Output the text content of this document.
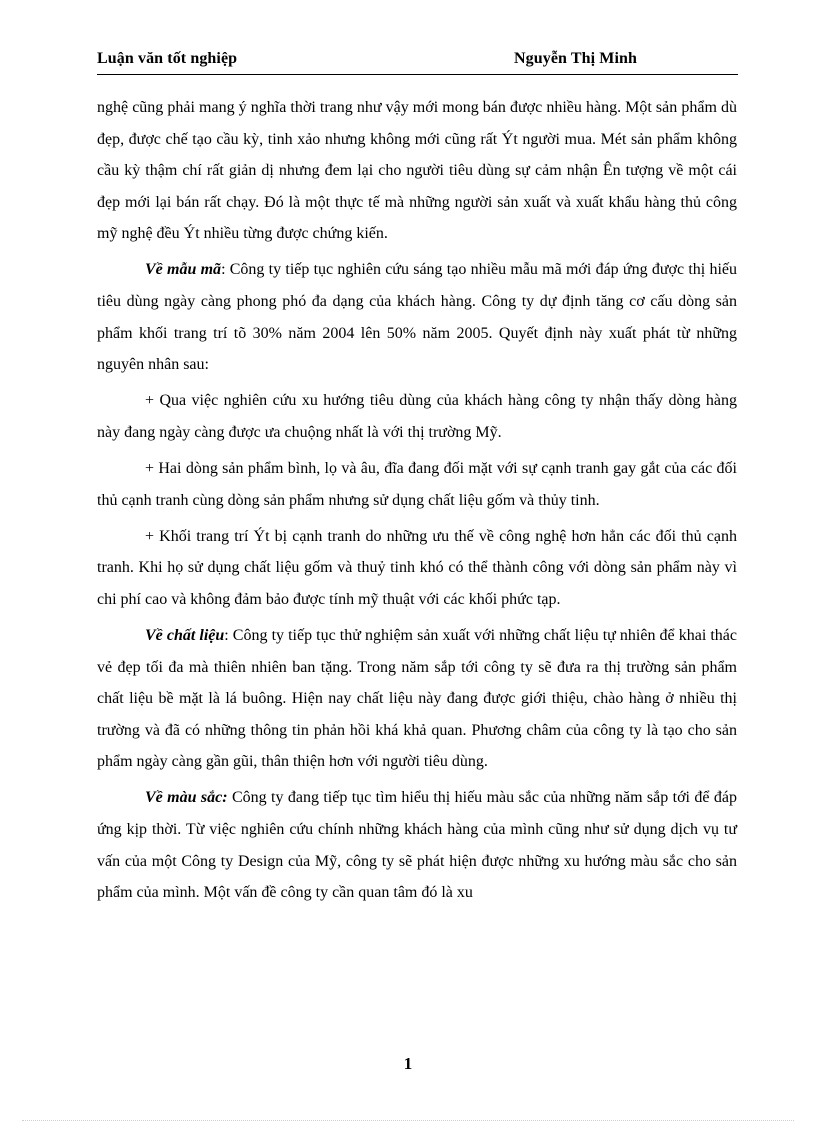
Luận văn tốt nghiệp	Nguyễn Thị Minh

nghệ cũng phải mang ý nghĩa thời trang như vậy mới mong bán được nhiều hàng. Một sản phẩm dù đẹp, được chế tạo cầu kỳ, tinh xảo nhưng không mới cũng rất Ýt người mua. Mét sản phẩm không cầu kỳ thậm chí rất giản dị nhưng đem lại cho người tiêu dùng sự cảm nhận Ên tượng về một cái đẹp mới lại bán rất chạy. Đó là một thực tế mà những người sản xuất và xuất khẩu hàng thủ công mỹ nghệ đều Ýt nhiều từng được chứng kiến.

Về mẫu mã: Công ty tiếp tục nghiên cứu sáng tạo nhiều mẫu mã mới đáp ứng được thị hiếu tiêu dùng ngày càng phong phó đa dạng của khách hàng. Công ty dự định tăng cơ cấu dòng sản phẩm khối trang trí tõ 30% năm 2004 lên 50% năm 2005. Quyết định này xuất phát từ những nguyên nhân sau:

+ Qua việc nghiên cứu xu hướng tiêu dùng của khách hàng công ty nhận thấy dòng hàng này đang ngày càng được ưa chuộng nhất là với thị trường Mỹ.

+ Hai dòng sản phẩm bình, lọ và âu, đĩa đang đối mặt với sự cạnh tranh gay gắt của các đối thủ cạnh tranh cùng dòng sản phẩm nhưng sử dụng chất liệu gốm và thủy tinh.

+ Khối trang trí Ýt bị cạnh tranh do những ưu thế về công nghệ hơn hẳn các đối thủ cạnh tranh. Khi họ sử dụng chất liệu gốm và thuỷ tinh khó có thể thành công với dòng sản phẩm này vì chi phí cao và không đảm bảo được tính mỹ thuật với các khối phức tạp.

Về chất liệu: Công ty tiếp tục thử nghiệm sản xuất với những chất liệu tự nhiên để khai thác vẻ đẹp tối đa mà thiên nhiên ban tặng. Trong năm sắp tới công ty sẽ đưa ra thị trường sản phẩm chất liệu bề mặt là lá buông. Hiện nay chất liệu này đang được giới thiệu, chào hàng ở nhiều thị trường và đã có những thông tin phản hồi khá khả quan. Phương châm của công ty là tạo cho sản phẩm ngày càng gần gũi, thân thiện hơn với người tiêu dùng.

Về màu sắc: Công ty đang tiếp tục tìm hiểu thị hiếu màu sắc của những năm sắp tới để đáp ứng kịp thời. Từ việc nghiên cứu chính những khách hàng của mình cũng như sử dụng dịch vụ tư vấn của một Công ty Design của Mỹ, công ty sẽ phát hiện được những xu hướng màu sắc cho sản phẩm của mình. Một vấn đề công ty cần quan tâm đó là xu

1
